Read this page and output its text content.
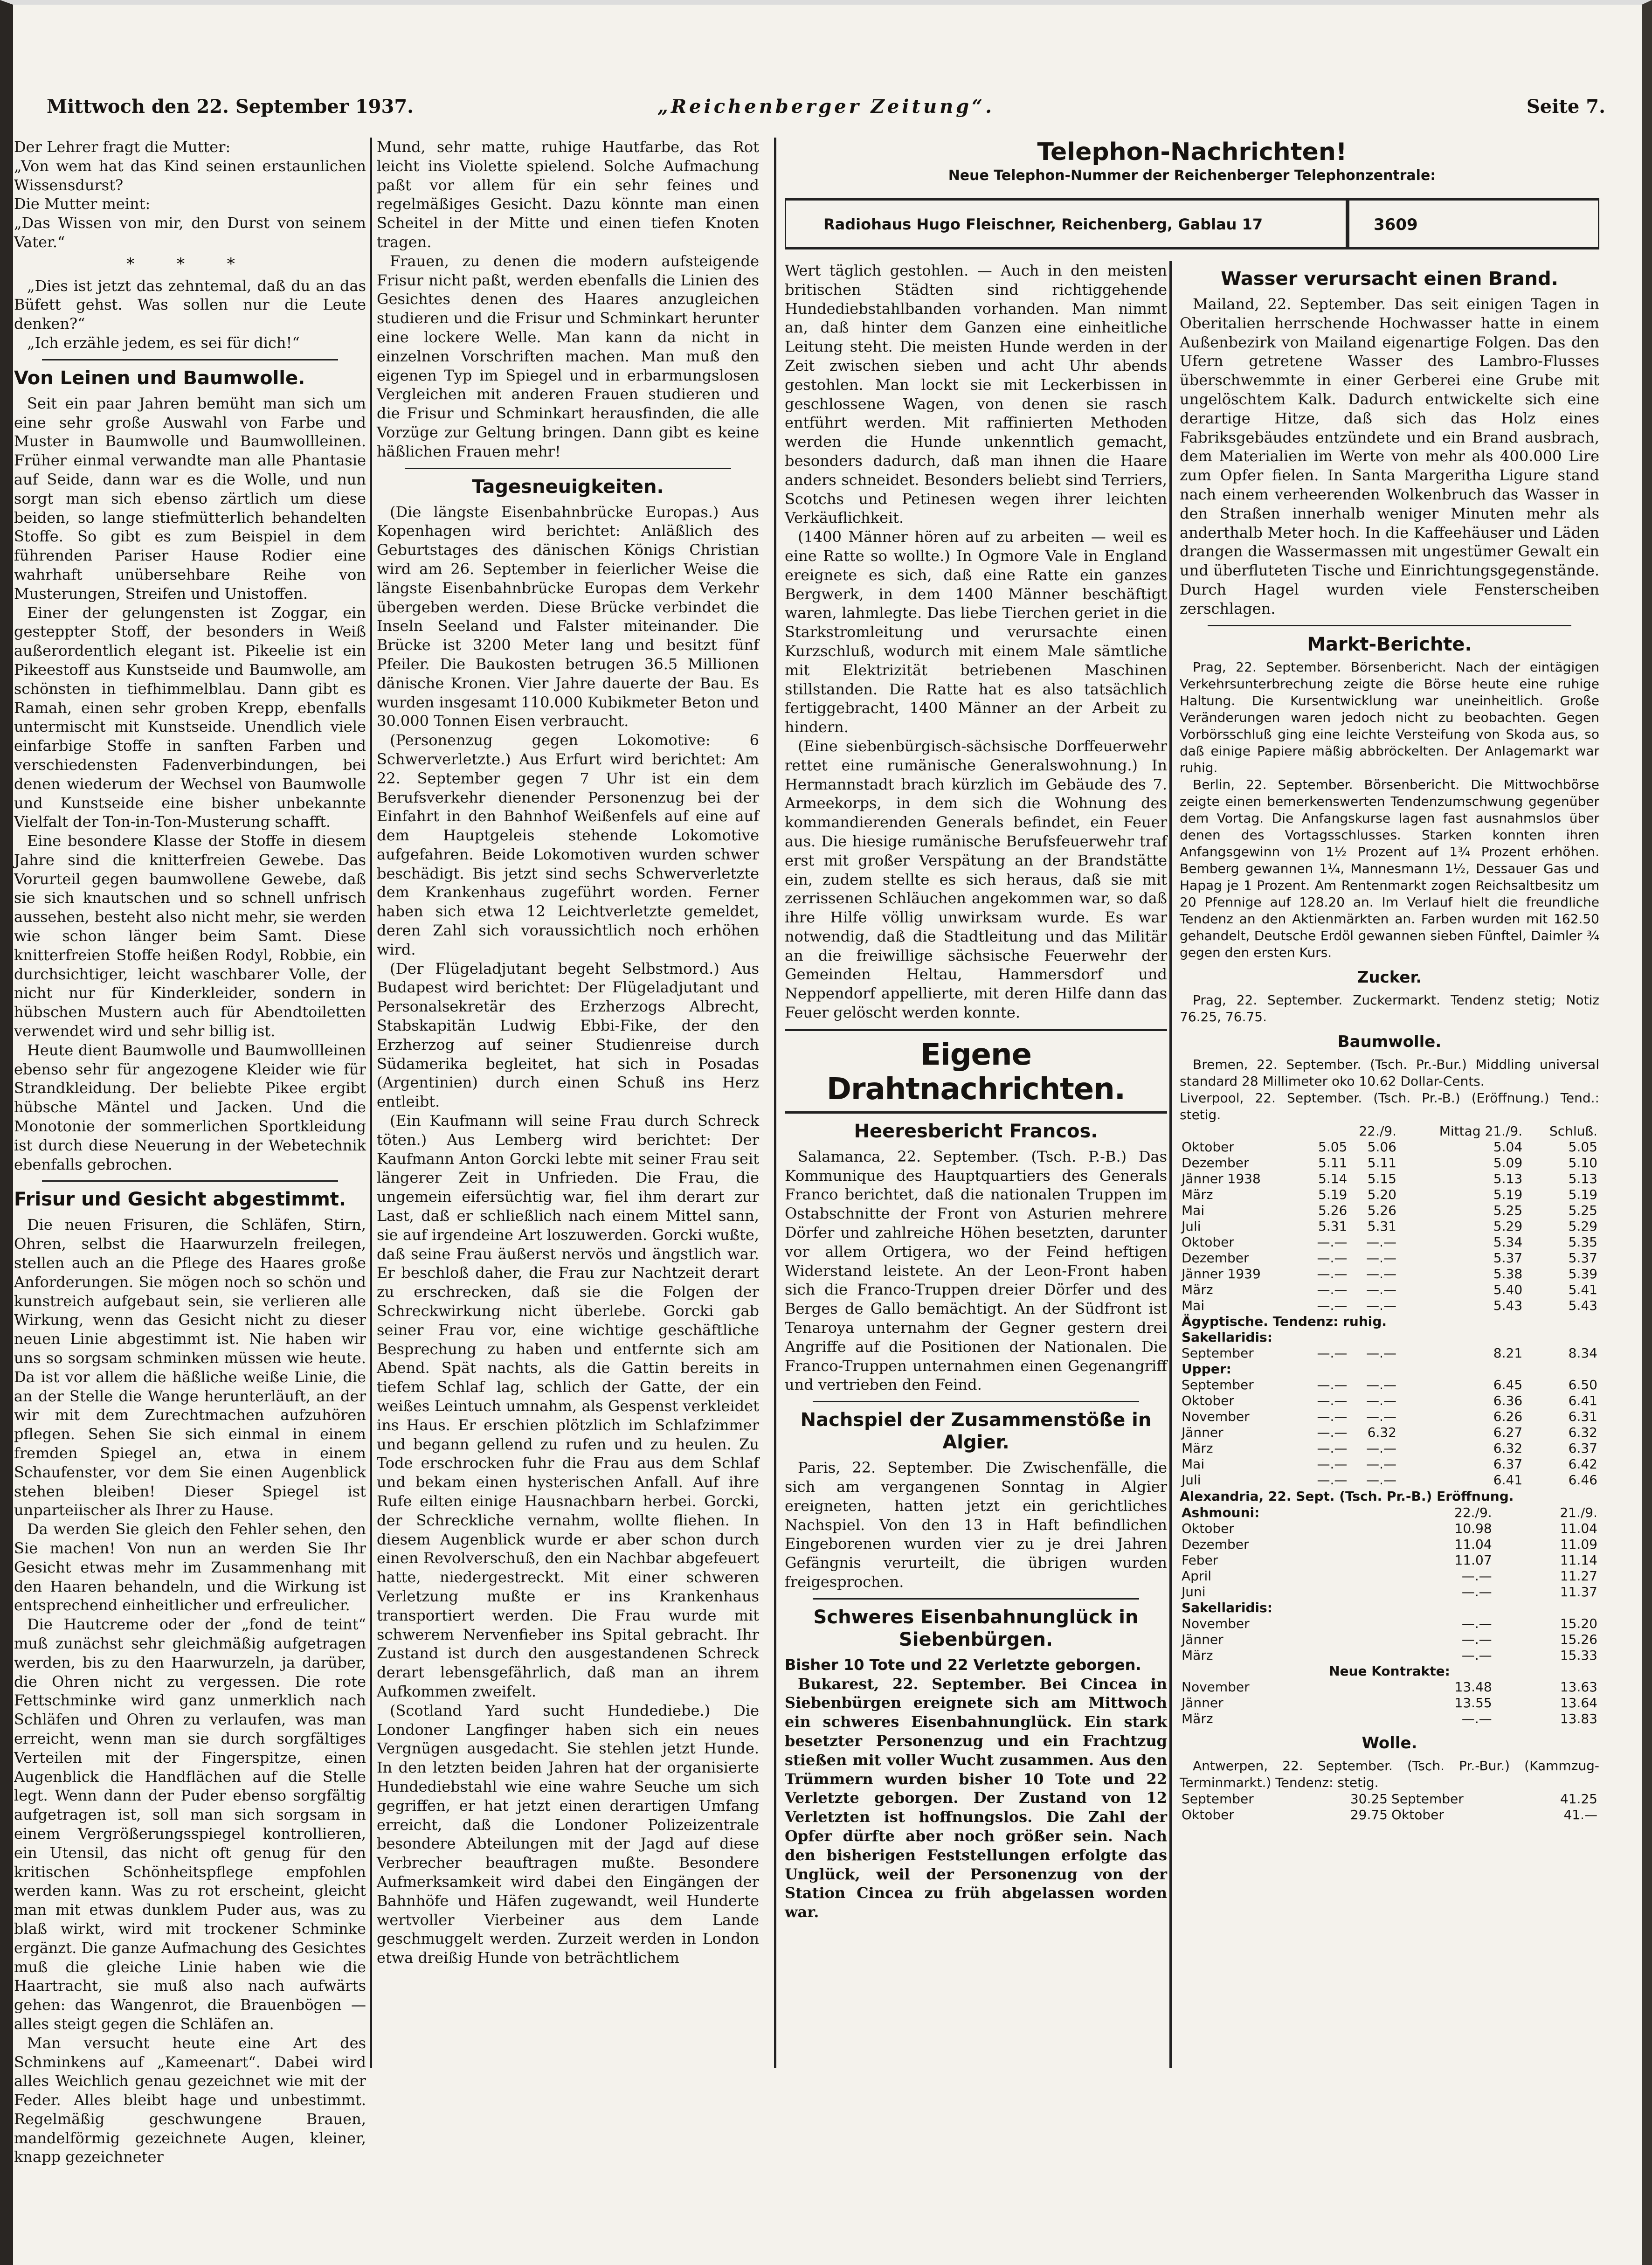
Mittwoch den 22. September 1937.	„Reichenberger Zeitung“.	Seite 7.

Der Lehrer fragt die Mutter:

„Von wem hat das Kind seinen erstaunlichen Wissensdurst?

Die Mutter meint:

„Das Wissen von mir, den Durst von seinem Vater.“

* * *

„Dies ist jetzt das zehntemal, daß du an das Büfett gehst. Was sollen nur die Leute denken?“

„Ich erzähle jedem, es sei für dich!“

Von Leinen und Baumwolle.

Seit ein paar Jahren bemüht man sich um eine sehr große Auswahl von Farbe und Muster in Baumwolle und Baumwollleinen. Früher einmal verwandte man alle Phantasie auf Seide, dann war es die Wolle, und nun sorgt man sich ebenso zärtlich um diese beiden, so lange stiefmütterlich behandelten Stoffe. So gibt es zum Beispiel in dem führenden Pariser Hause Rodier eine wahrhaft unübersehbare Reihe von Musterungen, Streifen und Unistoffen.

Einer der gelungensten ist Zoggar, ein gesteppter Stoff, der besonders in Weiß außerordentlich elegant ist. Pikeelie ist ein Pikeestoff aus Kunstseide und Baumwolle, am schönsten in tiefhimmelblau. Dann gibt es Ramah, einen sehr groben Krepp, ebenfalls untermischt mit Kunstseide. Unendlich viele einfarbige Stoffe in sanften Farben und verschiedensten Fadenverbindungen, bei denen wiederum der Wechsel von Baumwolle und Kunstseide eine bisher unbekannte Vielfalt der Ton-in-Ton-Musterung schafft.

Eine besondere Klasse der Stoffe in diesem Jahre sind die knitterfreien Gewebe. Das Vorurteil gegen baumwollene Gewebe, daß sie sich knautschen und so schnell unfrisch aussehen, besteht also nicht mehr, sie werden wie schon länger beim Samt. Diese knitterfreien Stoffe heißen Rodyl, Robbie, ein durchsichtiger, leicht waschbarer Volle, der nicht nur für Kinderkleider, sondern in hübschen Mustern auch für Abendtoiletten verwendet wird und sehr billig ist.

Heute dient Baumwolle und Baumwollleinen ebenso sehr für angezogene Kleider wie für Strandkleidung. Der beliebte Pikee ergibt hübsche Mäntel und Jacken. Und die Monotonie der sommerlichen Sportkleidung ist durch diese Neuerung in der Webetechnik ebenfalls gebrochen.

Frisur und Gesicht abgestimmt.

Die neuen Frisuren, die Schläfen, Stirn, Ohren, selbst die Haarwurzeln freilegen, stellen auch an die Pflege des Haares große Anforderungen. Sie mögen noch so schön und kunstreich aufgebaut sein, sie verlieren alle Wirkung, wenn das Gesicht nicht zu dieser neuen Linie abgestimmt ist. Nie haben wir uns so sorgsam schminken müssen wie heute. Da ist vor allem die häßliche weiße Linie, die an der Stelle die Wange herunterläuft, an der wir mit dem Zurechtmachen aufzuhören pflegen. Sehen Sie sich einmal in einem fremden Spiegel an, etwa in einem Schaufenster, vor dem Sie einen Augenblick stehen bleiben! Dieser Spiegel ist unparteiischer als Ihrer zu Hause.

Da werden Sie gleich den Fehler sehen, den Sie machen! Von nun an werden Sie Ihr Gesicht etwas mehr im Zusammenhang mit den Haaren behandeln, und die Wirkung ist entsprechend einheitlicher und erfreulicher.

Die Hautcreme oder der „fond de teint“ muß zunächst sehr gleichmäßig aufgetragen werden, bis zu den Haarwurzeln, ja darüber, die Ohren nicht zu vergessen. Die rote Fettschminke wird ganz unmerklich nach Schläfen und Ohren zu verlaufen, was man erreicht, wenn man sie durch sorgfältiges Verteilen mit der Fingerspitze, einen Augenblick die Handflächen auf die Stelle legt. Wenn dann der Puder ebenso sorgfältig aufgetragen ist, soll man sich sorgsam in einem Vergrößerungsspiegel kontrollieren, ein Utensil, das nicht oft genug für den kritischen Schönheitspflege empfohlen werden kann. Was zu rot erscheint, gleicht man mit etwas dunklem Puder aus, was zu blaß wirkt, wird mit trockener Schminke ergänzt. Die ganze Aufmachung des Gesichtes muß die gleiche Linie haben wie die Haartracht, sie muß also nach aufwärts gehen: das Wangenrot, die Brauenbögen — alles steigt gegen die Schläfen an.

Man versucht heute eine Art des Schminkens auf „Kameenart“. Dabei wird alles Weichlich genau gezeichnet wie mit der Feder. Alles bleibt hage und unbestimmt. Regelmäßig geschwungene Brauen, mandelförmig gezeichnete Augen, kleiner, knapp gezeichneter

Mund, sehr matte, ruhige Hautfarbe, das Rot leicht ins Violette spielend. Solche Aufmachung paßt vor allem für ein sehr feines und regelmäßiges Gesicht. Dazu könnte man einen Scheitel in der Mitte und einen tiefen Knoten tragen.

Frauen, zu denen die modern aufsteigende Frisur nicht paßt, werden ebenfalls die Linien des Gesichtes denen des Haares anzugleichen studieren und die Frisur und Schminkart herunter eine lockere Welle. Man kann da nicht in einzelnen Vorschriften machen. Man muß den eigenen Typ im Spiegel und in erbarmungslosen Vergleichen mit anderen Frauen studieren und die Frisur und Schminkart herausfinden, die alle Vorzüge zur Geltung bringen. Dann gibt es keine häßlichen Frauen mehr!

Tagesneuigkeiten.

(Die längste Eisenbahnbrücke Europas.) Aus Kopenhagen wird berichtet: Anläßlich des Geburtstages des dänischen Königs Christian wird am 26. September in feierlicher Weise die längste Eisenbahnbrücke Europas dem Verkehr übergeben werden. Diese Brücke verbindet die Inseln Seeland und Falster miteinander. Die Brücke ist 3200 Meter lang und besitzt fünf Pfeiler. Die Baukosten betrugen 36.5 Millionen dänische Kronen. Vier Jahre dauerte der Bau. Es wurden insgesamt 110.000 Kubikmeter Beton und 30.000 Tonnen Eisen verbraucht.

(Personenzug gegen Lokomotive: 6 Schwerverletzte.) Aus Erfurt wird berichtet: Am 22. September gegen 7 Uhr ist ein dem Berufsverkehr dienender Personenzug bei der Einfahrt in den Bahnhof Weißenfels auf eine auf dem Hauptgeleis stehende Lokomotive aufgefahren. Beide Lokomotiven wurden schwer beschädigt. Bis jetzt sind sechs Schwerverletzte dem Krankenhaus zugeführt worden. Ferner haben sich etwa 12 Leichtverletzte gemeldet, deren Zahl sich voraussichtlich noch erhöhen wird.

(Der Flügeladjutant begeht Selbstmord.) Aus Budapest wird berichtet: Der Flügeladjutant und Personalsekretär des Erzherzogs Albrecht, Stabskapitän Ludwig Ebbi-Fike, der den Erzherzog auf seiner Studienreise durch Südamerika begleitet, hat sich in Posadas (Argentinien) durch einen Schuß ins Herz entleibt.

(Ein Kaufmann will seine Frau durch Schreck töten.) Aus Lemberg wird berichtet: Der Kaufmann Anton Gorcki lebte mit seiner Frau seit längerer Zeit in Unfrieden. Die Frau, die ungemein eifersüchtig war, fiel ihm derart zur Last, daß er schließlich nach einem Mittel sann, sie auf irgendeine Art loszuwerden. Gorcki wußte, daß seine Frau äußerst nervös und ängstlich war. Er beschloß daher, die Frau zur Nachtzeit derart zu erschrecken, daß sie die Folgen der Schreckwirkung nicht überlebe. Gorcki gab seiner Frau vor, eine wichtige geschäftliche Besprechung zu haben und entfernte sich am Abend. Spät nachts, als die Gattin bereits in tiefem Schlaf lag, schlich der Gatte, der ein weißes Leintuch umnahm, als Gespenst verkleidet ins Haus. Er erschien plötzlich im Schlafzimmer und begann gellend zu rufen und zu heulen. Zu Tode erschrocken fuhr die Frau aus dem Schlaf und bekam einen hysterischen Anfall. Auf ihre Rufe eilten einige Hausnachbarn herbei. Gorcki, der Schreckliche vernahm, wollte fliehen. In diesem Augenblick wurde er aber schon durch einen Revolverschuß, den ein Nachbar abgefeuert hatte, niedergestreckt. Mit einer schweren Verletzung mußte er ins Krankenhaus transportiert werden. Die Frau wurde mit schwerem Nervenfieber ins Spital gebracht. Ihr Zustand ist durch den ausgestandenen Schreck derart lebensgefährlich, daß man an ihrem Aufkommen zweifelt.

(Scotland Yard sucht Hundediebe.) Die Londoner Langfinger haben sich ein neues Vergnügen ausgedacht. Sie stehlen jetzt Hunde. In den letzten beiden Jahren hat der organisierte Hundediebstahl wie eine wahre Seuche um sich gegriffen, er hat jetzt einen derartigen Umfang erreicht, daß die Londoner Polizeizentrale besondere Abteilungen mit der Jagd auf diese Verbrecher beauftragen mußte. Besondere Aufmerksamkeit wird dabei den Eingängen der Bahnhöfe und Häfen zugewandt, weil Hunderte wertvoller Vierbeiner aus dem Lande geschmuggelt werden. Zurzeit werden in London etwa dreißig Hunde von beträchtlichem

Telephon-Nachrichten!
Neue Telephon-Nummer der Reichenberger Telephonzentrale:
Radiohaus Hugo Fleischner, Reichenberg, Gablau 17	3609

Wert täglich gestohlen. — Auch in den meisten britischen Städten sind richtiggehende Hundediebstahlbanden vorhanden. Man nimmt an, daß hinter dem Ganzen eine einheitliche Leitung steht. Die meisten Hunde werden in der Zeit zwischen sieben und acht Uhr abends gestohlen. Man lockt sie mit Leckerbissen in geschlossene Wagen, von denen sie rasch entführt werden. Mit raffinierten Methoden werden die Hunde unkenntlich gemacht, besonders dadurch, daß man ihnen die Haare anders schneidet. Besonders beliebt sind Terriers, Scotchs und Petinesen wegen ihrer leichten Verkäuflichkeit.

(1400 Männer hören auf zu arbeiten — weil es eine Ratte so wollte.) In Ogmore Vale in England ereignete es sich, daß eine Ratte ein ganzes Bergwerk, in dem 1400 Männer beschäftigt waren, lahmlegte. Das liebe Tierchen geriet in die Starkstromleitung und verursachte einen Kurzschluß, wodurch mit einem Male sämtliche mit Elektrizität betriebenen Maschinen stillstanden. Die Ratte hat es also tatsächlich fertiggebracht, 1400 Männer an der Arbeit zu hindern.

(Eine siebenbürgisch-sächsische Dorffeuerwehr rettet eine rumänische Generalswohnung.) In Hermannstadt brach kürzlich im Gebäude des 7. Armeekorps, in dem sich die Wohnung des kommandierenden Generals befindet, ein Feuer aus. Die hiesige rumänische Berufsfeuerwehr traf erst mit großer Verspätung an der Brandstätte ein, zudem stellte es sich heraus, daß sie mit zerrissenen Schläuchen angekommen war, so daß ihre Hilfe völlig unwirksam wurde. Es war notwendig, daß die Stadtleitung und das Militär an die freiwillige sächsische Feuerwehr der Gemeinden Heltau, Hammersdorf und Neppendorf appellierte, mit deren Hilfe dann das Feuer gelöscht werden konnte.

Eigene Drahtnachrichten.
Heeresbericht Francos.

Salamanca, 22. September. (Tsch. P.-B.) Das Kommunique des Hauptquartiers des Generals Franco berichtet, daß die nationalen Truppen im Ostabschnitte der Front von Asturien mehrere Dörfer und zahlreiche Höhen besetzten, darunter vor allem Ortigera, wo der Feind heftigen Widerstand leistete. An der Leon-Front haben sich die Franco-Truppen dreier Dörfer und des Berges de Gallo bemächtigt. An der Südfront ist Tenaroya unternahm der Gegner gestern drei Angriffe auf die Positionen der Nationalen. Die Franco-Truppen unternahmen einen Gegenangriff und vertrieben den Feind.

Nachspiel der Zusammenstöße in Algier.

Paris, 22. September. Die Zwischenfälle, die sich am vergangenen Sonntag in Algier ereigneten, hatten jetzt ein gerichtliches Nachspiel. Von den 13 in Haft befindlichen Eingeborenen wurden vier zu je drei Jahren Gefängnis verurteilt, die übrigen wurden freigesprochen.

Schweres Eisenbahnunglück in Siebenbürgen.

Bisher 10 Tote und 22 Verletzte geborgen.

Bukarest, 22. September. Bei Cincea in Siebenbürgen ereignete sich am Mittwoch ein schweres Eisenbahnunglück. Ein stark besetzter Personenzug und ein Frachtzug stießen mit voller Wucht zusammen. Aus den Trümmern wurden bisher 10 Tote und 22 Verletzte geborgen. Der Zustand von 12 Verletzten ist hoffnungslos. Die Zahl der Opfer dürfte aber noch größer sein. Nach den bisherigen Feststellungen erfolgte das Unglück, weil der Personenzug von der Station Cincea zu früh abgelassen worden war.

Wasser verursacht einen Brand.

Mailand, 22. September. Das seit einigen Tagen in Oberitalien herrschende Hochwasser hatte in einem Außenbezirk von Mailand eigenartige Folgen. Das den Ufern getretene Wasser des Lambro-Flusses überschwemmte in einer Gerberei eine Grube mit ungelöschtem Kalk. Dadurch entwickelte sich eine derartige Hitze, daß sich das Holz eines Fabriksgebäudes entzündete und ein Brand ausbrach, dem Materialien im Werte von mehr als 400.000 Lire zum Opfer fielen. In Santa Margeritha Ligure stand nach einem verheerenden Wolkenbruch das Wasser in den Straßen innerhalb weniger Minuten mehr als anderthalb Meter hoch. In die Kaffeehäuser und Läden drangen die Wassermassen mit ungestümer Gewalt ein und überfluteten Tische und Einrichtungsgegenstände. Durch Hagel wurden viele Fensterscheiben zerschlagen.

Markt-Berichte.

Prag, 22. September. Börsenbericht. Nach der eintägigen Verkehrsunterbrechung zeigte die Börse heute eine ruhige Haltung. Die Kursentwicklung war uneinheitlich. Große Veränderungen waren jedoch nicht zu beobachten. Gegen Vorbörsschluß ging eine leichte Versteifung von Skoda aus, so daß einige Papiere mäßig abbröckelten. Der Anlagemarkt war ruhig.

Berlin, 22. September. Börsenbericht. Die Mittwochbörse zeigte einen bemerkenswerten Tendenzumschwung gegenüber dem Vortag. Die Anfangskurse lagen fast ausnahmslos über denen des Vortagsschlusses. Starken konnten ihren Anfangsgewinn von 1½ Prozent auf 1¾ Prozent erhöhen. Bemberg gewannen 1¼, Mannesmann 1½, Dessauer Gas und Hapag je 1 Prozent. Am Rentenmarkt zogen Reichsaltbesitz um 20 Pfennige auf 128.20 an. Im Verlauf hielt die freundliche Tendenz an den Aktienmärkten an. Farben wurden mit 162.50 gehandelt, Deutsche Erdöl gewannen sieben Fünftel, Daimler ¾ gegen den ersten Kurs.

Zucker.

Prag, 22. September. Zuckermarkt. Tendenz stetig; Notiz 76.25, 76.75.

Baumwolle.

Bremen, 22. September. (Tsch. Pr.-Bur.) Middling universal standard 28 Millimeter oko 10.62 Dollar-Cents.

Liverpool, 22. September. (Tsch. Pr.-B.) (Eröffnung.) Tend.: stetig.

	22./9.		Mittag 21./9.	Schluß.
Oktober	5.05	5.06	5.04	5.05
Dezember	5.11	5.11	5.09	5.10
Jänner 1938	5.14	5.15	5.13	5.13
März	5.19	5.20	5.19	5.19
Mai	5.26	5.26	5.25	5.25
Juli	5.31	5.31	5.29	5.29
Oktober	—.—	—.—	5.34	5.35
Dezember	—.—	—.—	5.37	5.37
Jänner 1939	—.—	—.—	5.38	5.39
März	—.—	—.—	5.40	5.41
Mai	—.—	—.—	5.43	5.43
Ägyptische. Tendenz: ruhig.				
Sakellaridis:				
September	—.—	—.—	8.21	8.34
Upper:				
September	—.—	—.—	6.45	6.50
Oktober	—.—	—.—	6.36	6.41
November	—.—	—.—	6.26	6.31
Jänner	—.—	6.32	6.27	6.32
März	—.—	—.—	6.32	6.37
Mai	—.—	—.—	6.37	6.42
Juli	—.—	—.—	6.41	6.46

Alexandria, 22. Sept. (Tsch. Pr.-B.) Eröffnung.

Ashmouni:	22./9.	21./9.
Oktober	10.98	11.04
Dezember	11.04	11.09
Feber	11.07	11.14
April	—.—	11.27
Juni	—.—	11.37
Sakellaridis:		
November	—.—	15.20
Jänner	—.—	15.26
März	—.—	15.33
Neue Kontrakte:		
November	13.48	13.63
Jänner	13.55	13.64
März	—.—	13.83
Wolle.

Antwerpen, 22. September. (Tsch. Pr.-Bur.) (Kammzug-Terminmarkt.) Tendenz: stetig.

September	30.25	September	41.25
Oktober	29.75	Oktober	41.—
